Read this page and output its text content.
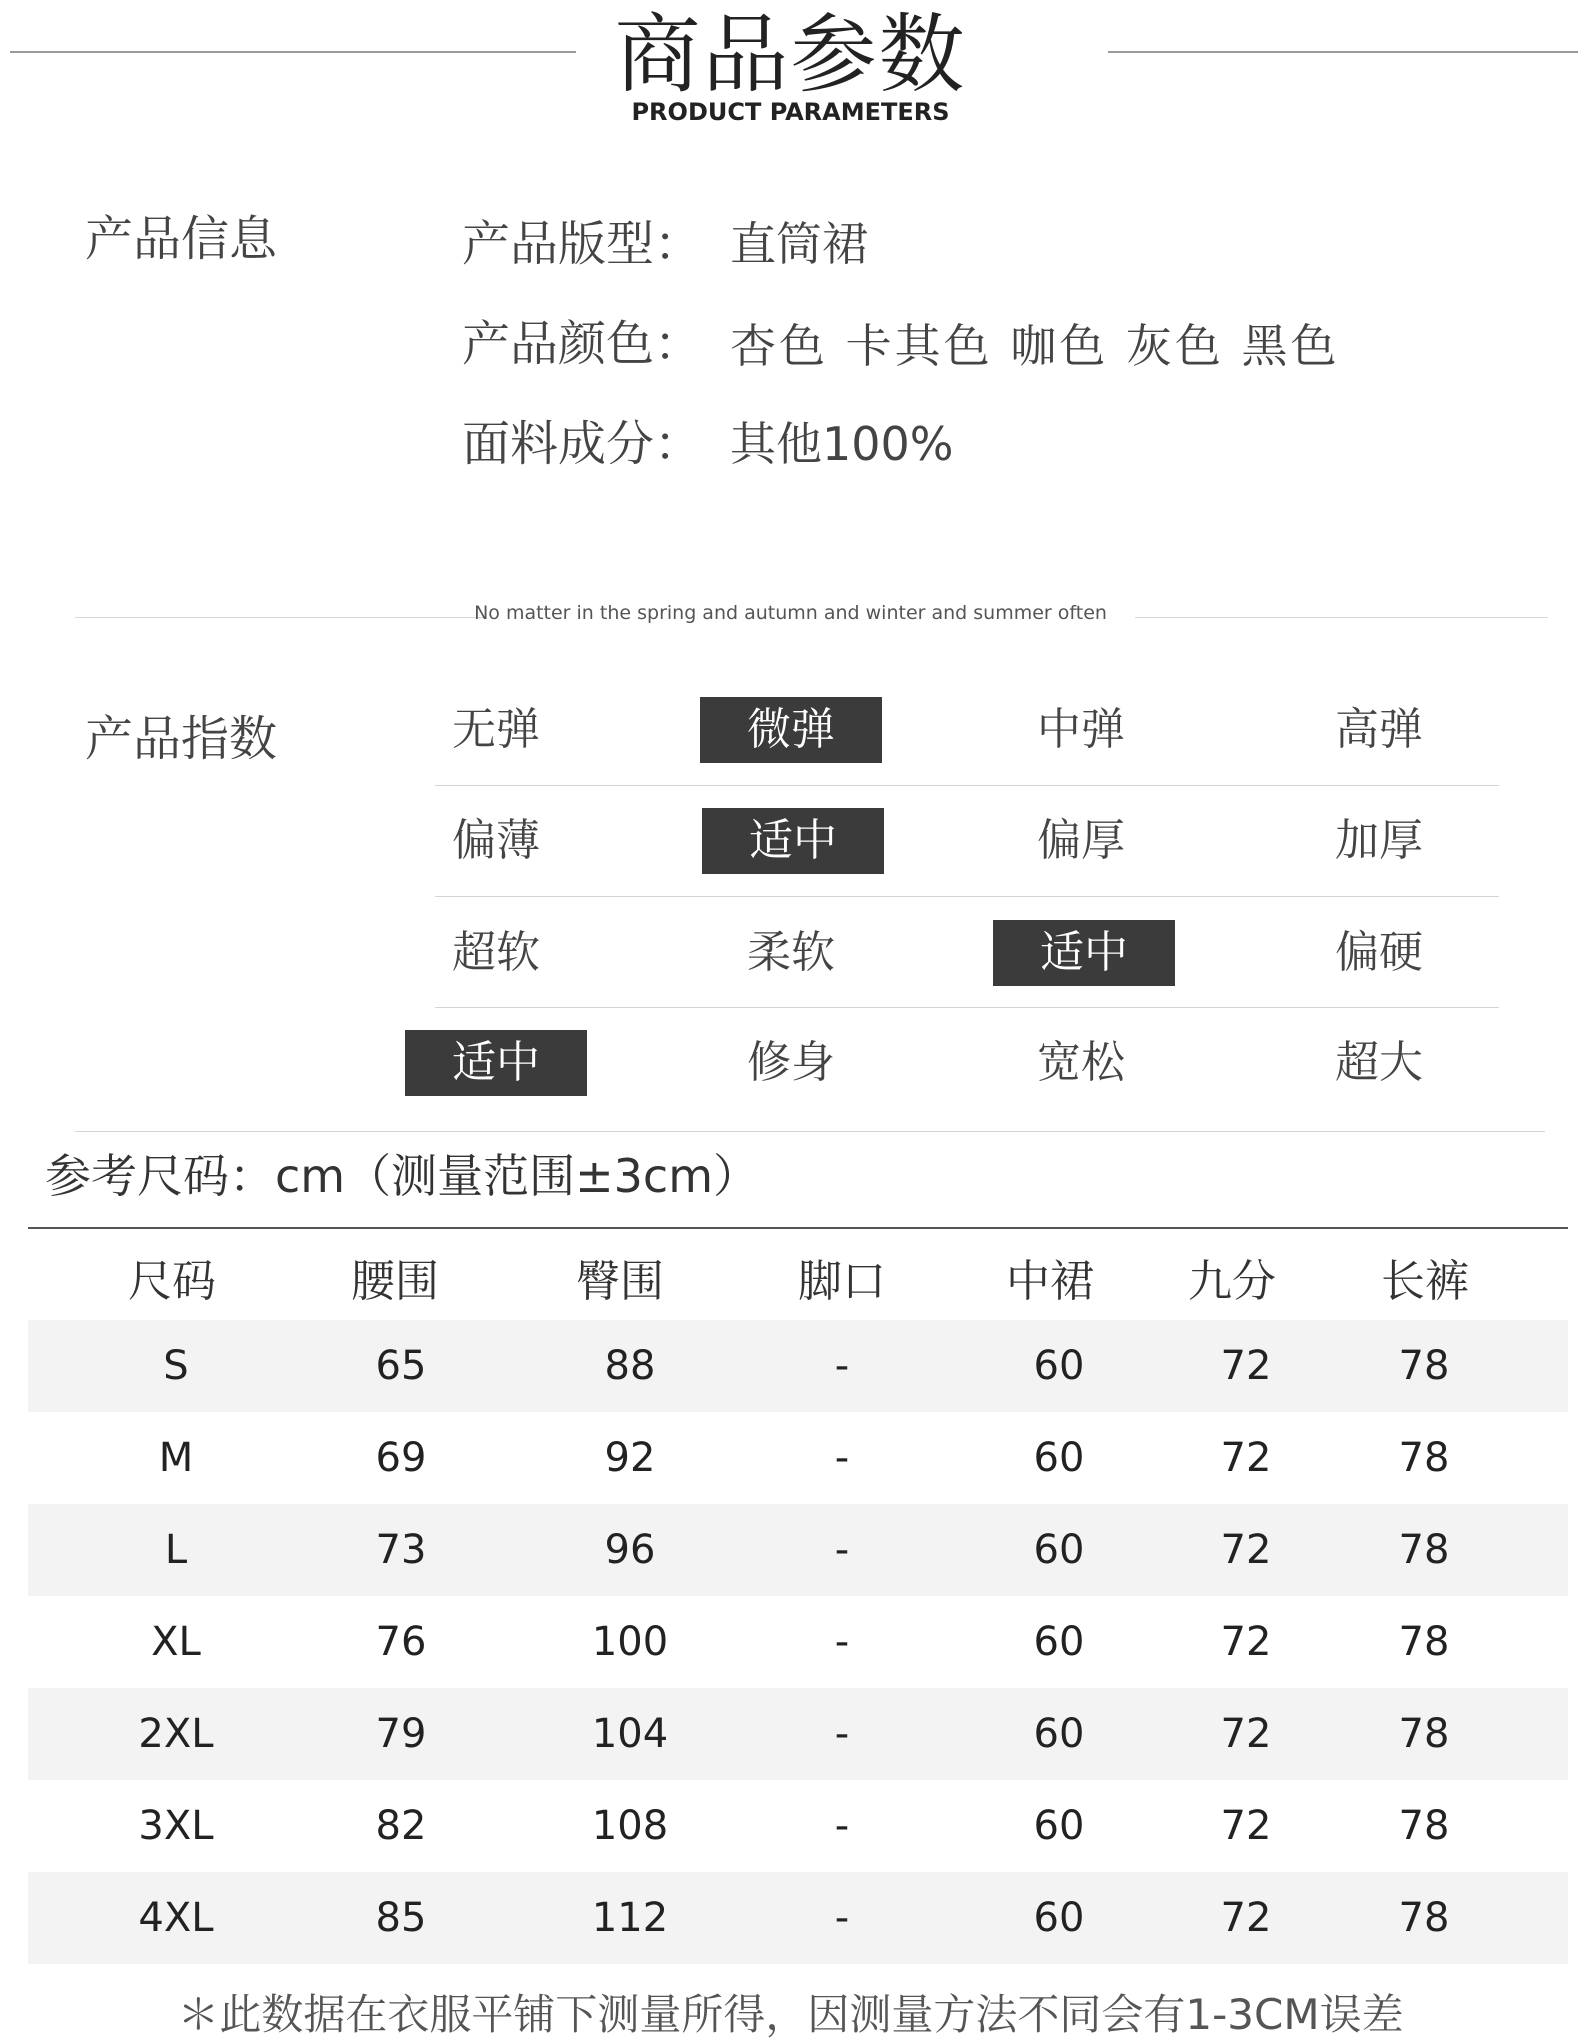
商品参数
PRODUCT PARAMETERS
产品信息	产品版型： 直筒裙
产品颜色： 杏色 卡其色 咖色 灰色 黑色
面料成分： 其他100%
No matter in the spring and autumn and winter and summer often
产品指数	无弹	微弹	中弹	高弹
偏薄	适中	偏厚	加厚
超软	柔软	适中	偏硬
适中	修身	宽松	超大
参考尺码：cm（测量范围±3cm）
尺码	腰围	臀围	脚口	中裙	九分	长裤
S	65	88	-	60	72	78
M	69	92	-	60	72	78
L	73	96	-	60	72	78
XL	76	100	-	60	72	78
2XL	79	104	-	60	72	78
3XL	82	108	-	60	72	78
4XL	85	112	-	60	72	78
＊此数据在衣服平铺下测量所得，因测量方法不同会有1-3CM误差
